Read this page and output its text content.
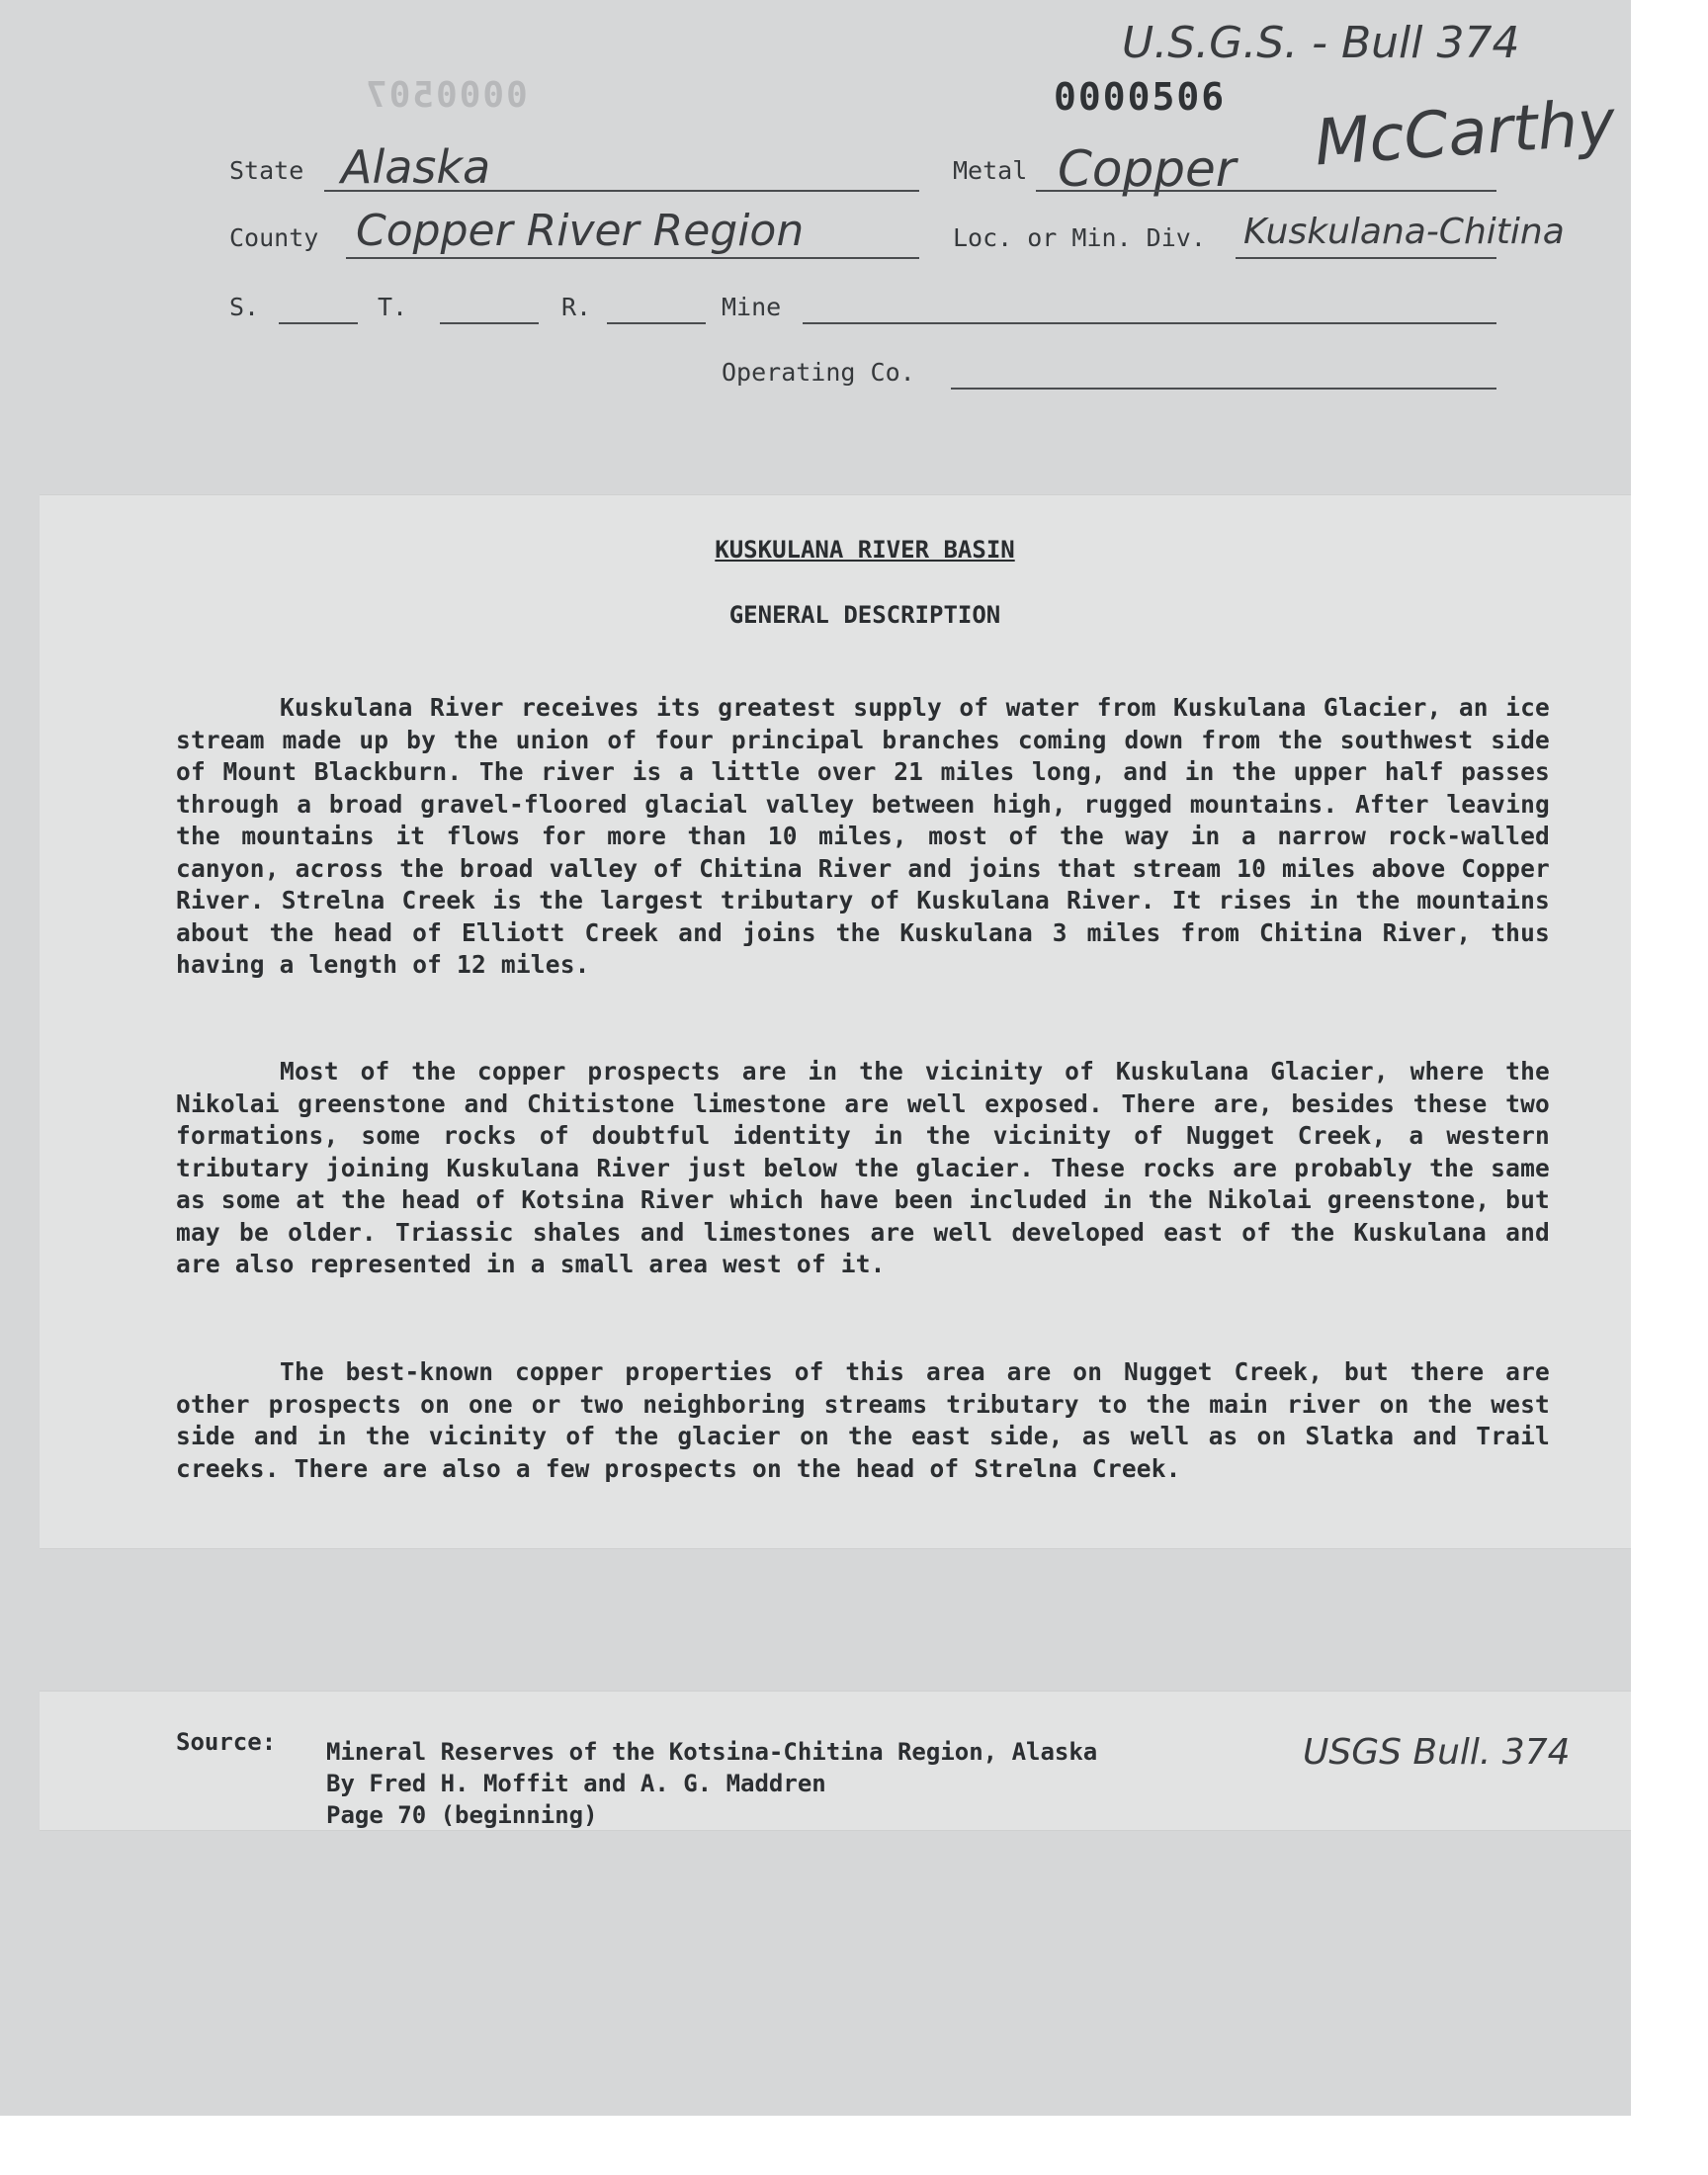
U.S.G.S. - Bull 374
0000507	0000506 McCarthy
State Alaska	Metal Copper
County Copper River Region	Loc. or Min. Div. Kuskulana-Chitina
S.	T.	R.	Mine
Operating Co.
KUSKULANA RIVER BASIN
GENERAL DESCRIPTION

Kuskulana River receives its greatest supply of water from Kuskulana Glacier, an ice stream made up by the union of four principal branches coming down from the southwest side of Mount Blackburn. The river is a little over 21 miles long, and in the upper half passes through a broad gravel-floored glacial valley between high, rugged mountains. After leaving the mountains it flows for more than 10 miles, most of the way in a narrow rock-walled canyon, across the broad valley of Chitina River and joins that stream 10 miles above Copper River. Strelna Creek is the largest tributary of Kuskulana River. It rises in the mountains about the head of Elliott Creek and joins the Kuskulana 3 miles from Chitina River, thus having a length of 12 miles.

Most of the copper prospects are in the vicinity of Kuskulana Glacier, where the Nikolai greenstone and Chitistone limestone are well exposed. There are, besides these two formations, some rocks of doubtful identity in the vicinity of Nugget Creek, a western tributary joining Kuskulana River just below the glacier. These rocks are probably the same as some at the head of Kotsina River which have been included in the Nikolai greenstone, but may be older. Triassic shales and limestones are well developed east of the Kuskulana and are also represented in a small area west of it.

The best-known copper properties of this area are on Nugget Creek, but there are other prospects on one or two neighboring streams tributary to the main river on the west side and in the vicinity of the glacier on the east side, as well as on Slatka and Trail creeks. There are also a few prospects on the head of Strelna Creek.

Source: Mineral Reserves of the Kotsina-Chitina Region, Alaska
By Fred H. Moffit and A. G. Maddren
Page 70 (beginning)
USGS Bull. 374
